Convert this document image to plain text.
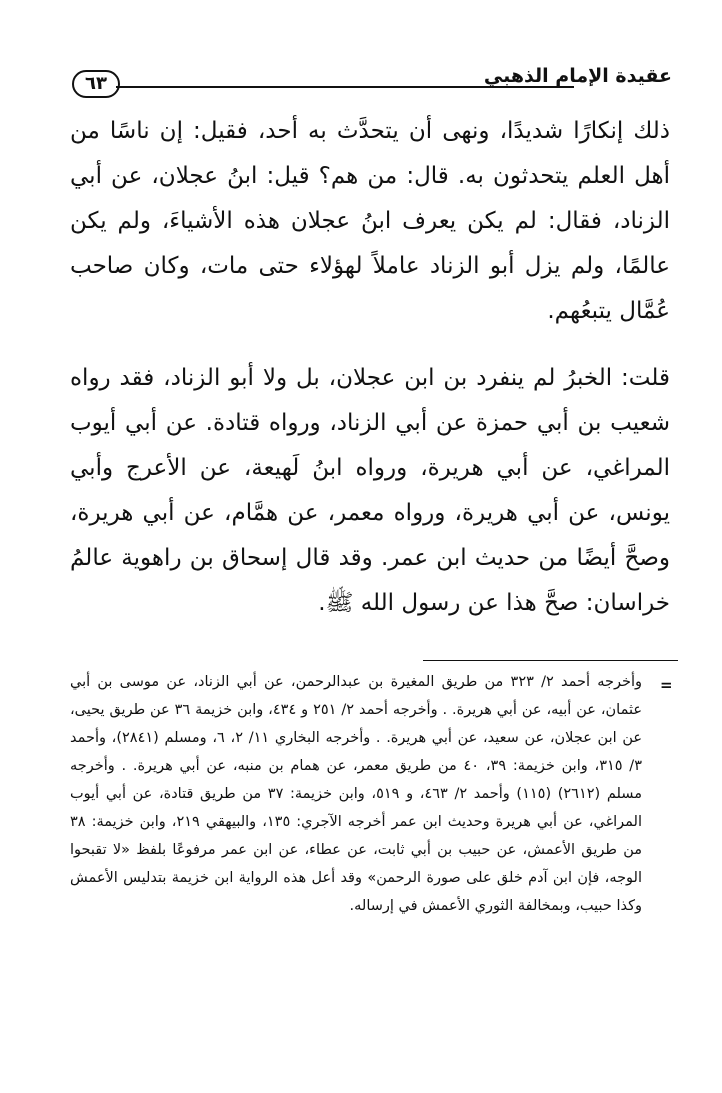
٦٣	عقيدة الإمام الذهبي

ذلك إنكارًا شديدًا، ونهى أن يتحدَّث به أحد، فقيل: إن ناسًا من أهل العلم يتحدثون به. قال: من هم؟ قيل: ابنُ عجلان، عن أبي الزناد، فقال: لم يكن يعرف ابنُ عجلان هذه الأشياءَ، ولم يكن عالمًا، ولم يزل أبو الزناد عاملاً لهؤلاء حتى مات، وكان صاحب عُمَّال يتبعُهم.

قلت: الخبرُ لم ينفرد بن ابن عجلان، بل ولا أبو الزناد، فقد رواه شعيب بن أبي حمزة عن أبي الزناد، ورواه قتادة. عن أبي أيوب المراغي، عن أبي هريرة، ورواه ابنُ لَهيعة، عن الأعرج وأبي يونس، عن أبي هريرة، ورواه معمر، عن همَّام، عن أبي هريرة، وصحَّ أيضًا من حديث ابن عمر. وقد قال إسحاق بن راهوية عالمُ خراسان: صحَّ هذا عن رسول الله ﷺ.

=

وأخرجه أحمد ٢/ ٣٢٣ من طريق المغيرة بن عبدالرحمن، عن أبي الزناد، عن موسى بن أبي عثمان، عن أبيه، عن أبي هريرة. . وأخرجه أحمد ٢/ ٢٥١ و ٤٣٤، وابن خزيمة ٣٦ عن طريق يحيى، عن ابن عجلان، عن سعيد، عن أبي هريرة. . وأخرجه البخاري ١١/ ٢، ٦، ومسلم (٢٨٤١)، وأحمد ٣/ ٣١٥، وابن خزيمة: ٣٩، ٤٠ من طريق معمر، عن همام بن منبه، عن أبي هريرة. . وأخرجه مسلم (٢٦١٢) (١١٥) وأحمد ٢/ ٤٦٣، و ٥١٩، وابن خزيمة: ٣٧ من طريق قتادة، عن أبي أيوب المراغي، عن أبي هريرة وحديث ابن عمر أخرجه الآجري: ١٣٥، والبيهقي ٢١٩، وابن خزيمة: ٣٨ من طريق الأعمش، عن حبيب بن أبي ثابت، عن عطاء، عن ابن عمر مرفوعًا بلفظ «لا تقبحوا الوجه، فإن ابن آدم خلق على صورة الرحمن» وقد أعل هذه الرواية ابن خزيمة بتدليس الأعمش وكذا حبيب، وبمخالفة الثوري الأعمش في إرساله.
